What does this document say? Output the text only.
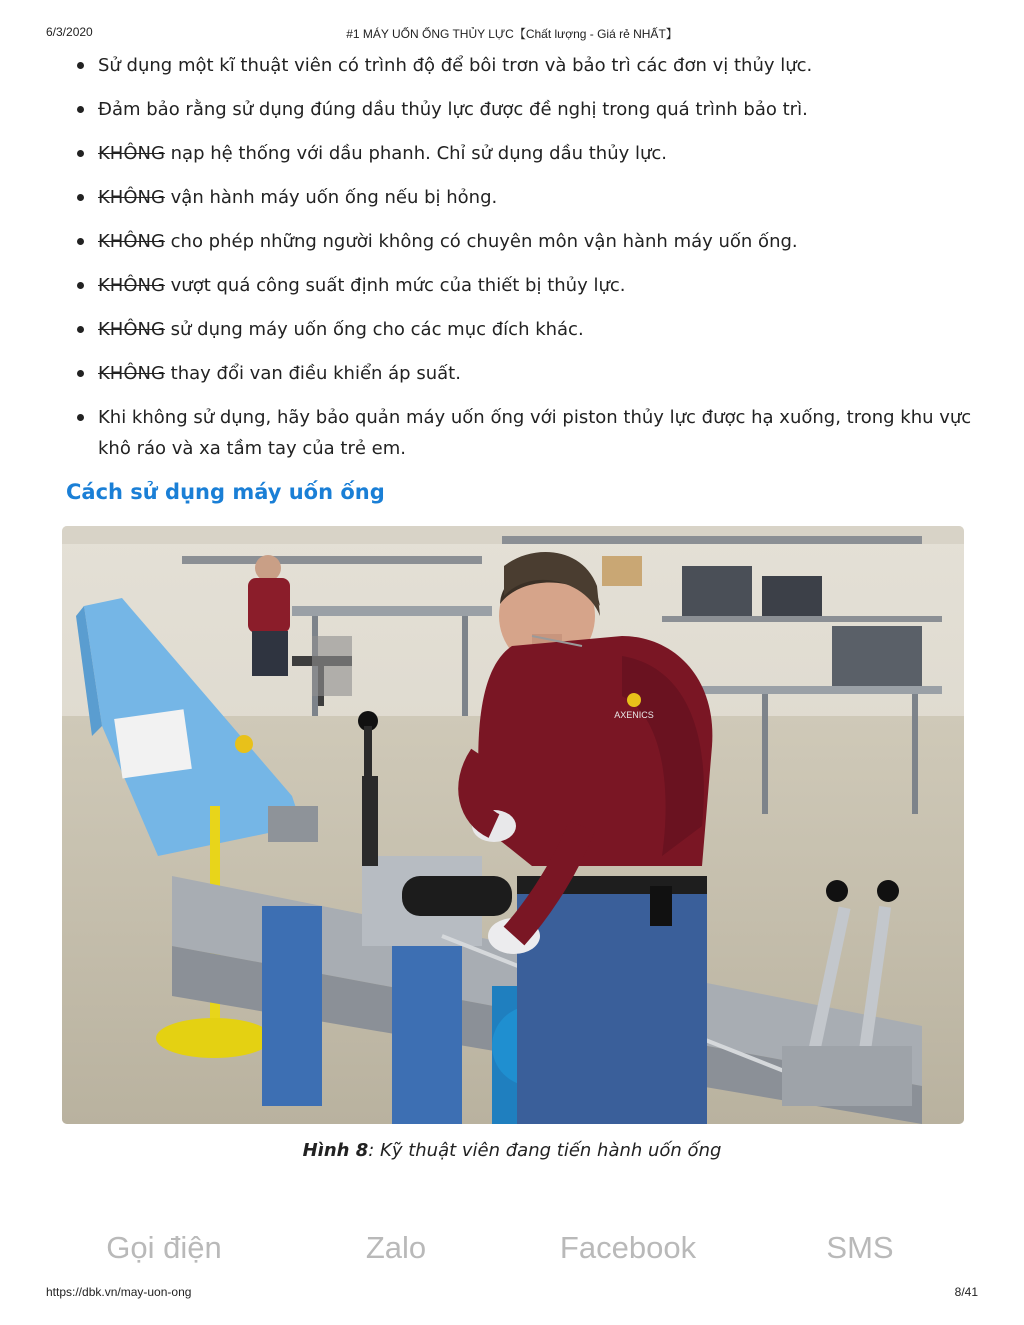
6/3/2020	#1 MÁY UỐN ỐNG THỦY LỰC【Chất lượng - Giá rẻ NHẤT】
Sử dụng một kĩ thuật viên có trình độ để bôi trơn và bảo trì các đơn vị thủy lực.
Đảm bảo rằng sử dụng đúng dầu thủy lực được đề nghị trong quá trình bảo trì.
KHÔNG nạp hệ thống với dầu phanh. Chỉ sử dụng dầu thủy lực.
KHÔNG vận hành máy uốn ống nếu bị hỏng.
KHÔNG cho phép những người không có chuyên môn vận hành máy uốn ống.
KHÔNG vượt quá công suất định mức của thiết bị thủy lực.
KHÔNG sử dụng máy uốn ống cho các mục đích khác.
KHÔNG thay đổi van điều khiển áp suất.
Khi không sử dụng, hãy bảo quản máy uốn ống với piston thủy lực được hạ xuống, trong khu vực khô ráo và xa tầm tay của trẻ em.
Cách sử dụng máy uốn ống
AXENICS
Hình 8: Kỹ thuật viên đang tiến hành uốn ống
Gọi điện	Zalo	Facebook	SMS
https://dbk.vn/may-uon-ong	8/41
